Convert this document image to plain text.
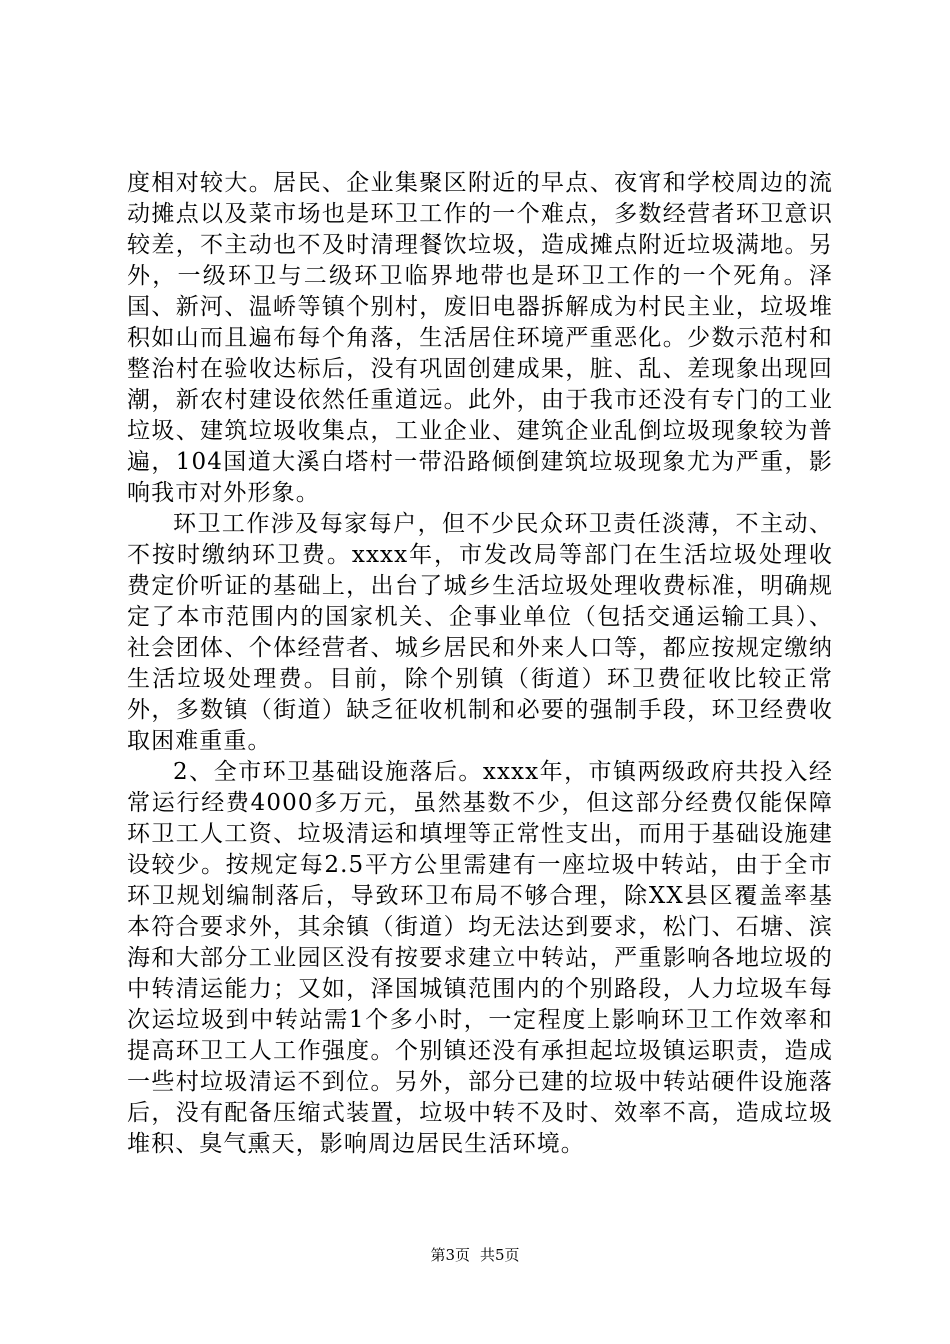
度相对较大。居民、企业集聚区附近的早点、夜宵和学校周边的流动摊点以及菜市场也是环卫工作的一个难点，多数经营者环卫意识较差，不主动也不及时清理餐饮垃圾，造成摊点附近垃圾满地。另外，一级环卫与二级环卫临界地带也是环卫工作的一个死角。泽国、新河、温峤等镇个别村，废旧电器拆解成为村民主业，垃圾堆积如山而且遍布每个角落，生活居住环境严重恶化。少数示范村和整治村在验收达标后，没有巩固创建成果，脏、乱、差现象出现回潮，新农村建设依然任重道远。此外，由于我市还没有专门的工业垃圾、建筑垃圾收集点，工业企业、建筑企业乱倒垃圾现象较为普遍，104国道大溪白塔村一带沿路倾倒建筑垃圾现象尤为严重，影响我市对外形象。

环卫工作涉及每家每户，但不少民众环卫责任淡薄，不主动、不按时缴纳环卫费。xxxx年，市发改局等部门在生活垃圾处理收费定价听证的基础上，出台了城乡生活垃圾处理收费标准，明确规定了本市范围内的国家机关、企事业单位（包括交通运输工具）、社会团体、个体经营者、城乡居民和外来人口等，都应按规定缴纳生活垃圾处理费。目前，除个别镇（街道）环卫费征收比较正常外，多数镇（街道）缺乏征收机制和必要的强制手段，环卫经费收取困难重重。

2、全市环卫基础设施落后。xxxx年，市镇两级政府共投入经常运行经费4000多万元，虽然基数不少，但这部分经费仅能保障环卫工人工资、垃圾清运和填埋等正常性支出，而用于基础设施建设较少。按规定每2.5平方公里需建有一座垃圾中转站，由于全市环卫规划编制落后，导致环卫布局不够合理，除XX县区覆盖率基本符合要求外，其余镇（街道）均无法达到要求，松门、石塘、滨海和大部分工业园区没有按要求建立中转站，严重影响各地垃圾的中转清运能力；又如，泽国城镇范围内的个别路段，人力垃圾车每次运垃圾到中转站需1个多小时，一定程度上影响环卫工作效率和提高环卫工人工作强度。个别镇还没有承担起垃圾镇运职责，造成一些村垃圾清运不到位。另外，部分已建的垃圾中转站硬件设施落后，没有配备压缩式装置，垃圾中转不及时、效率不高，造成垃圾堆积、臭气熏天，影响周边居民生活环境。

第3页 共5页
